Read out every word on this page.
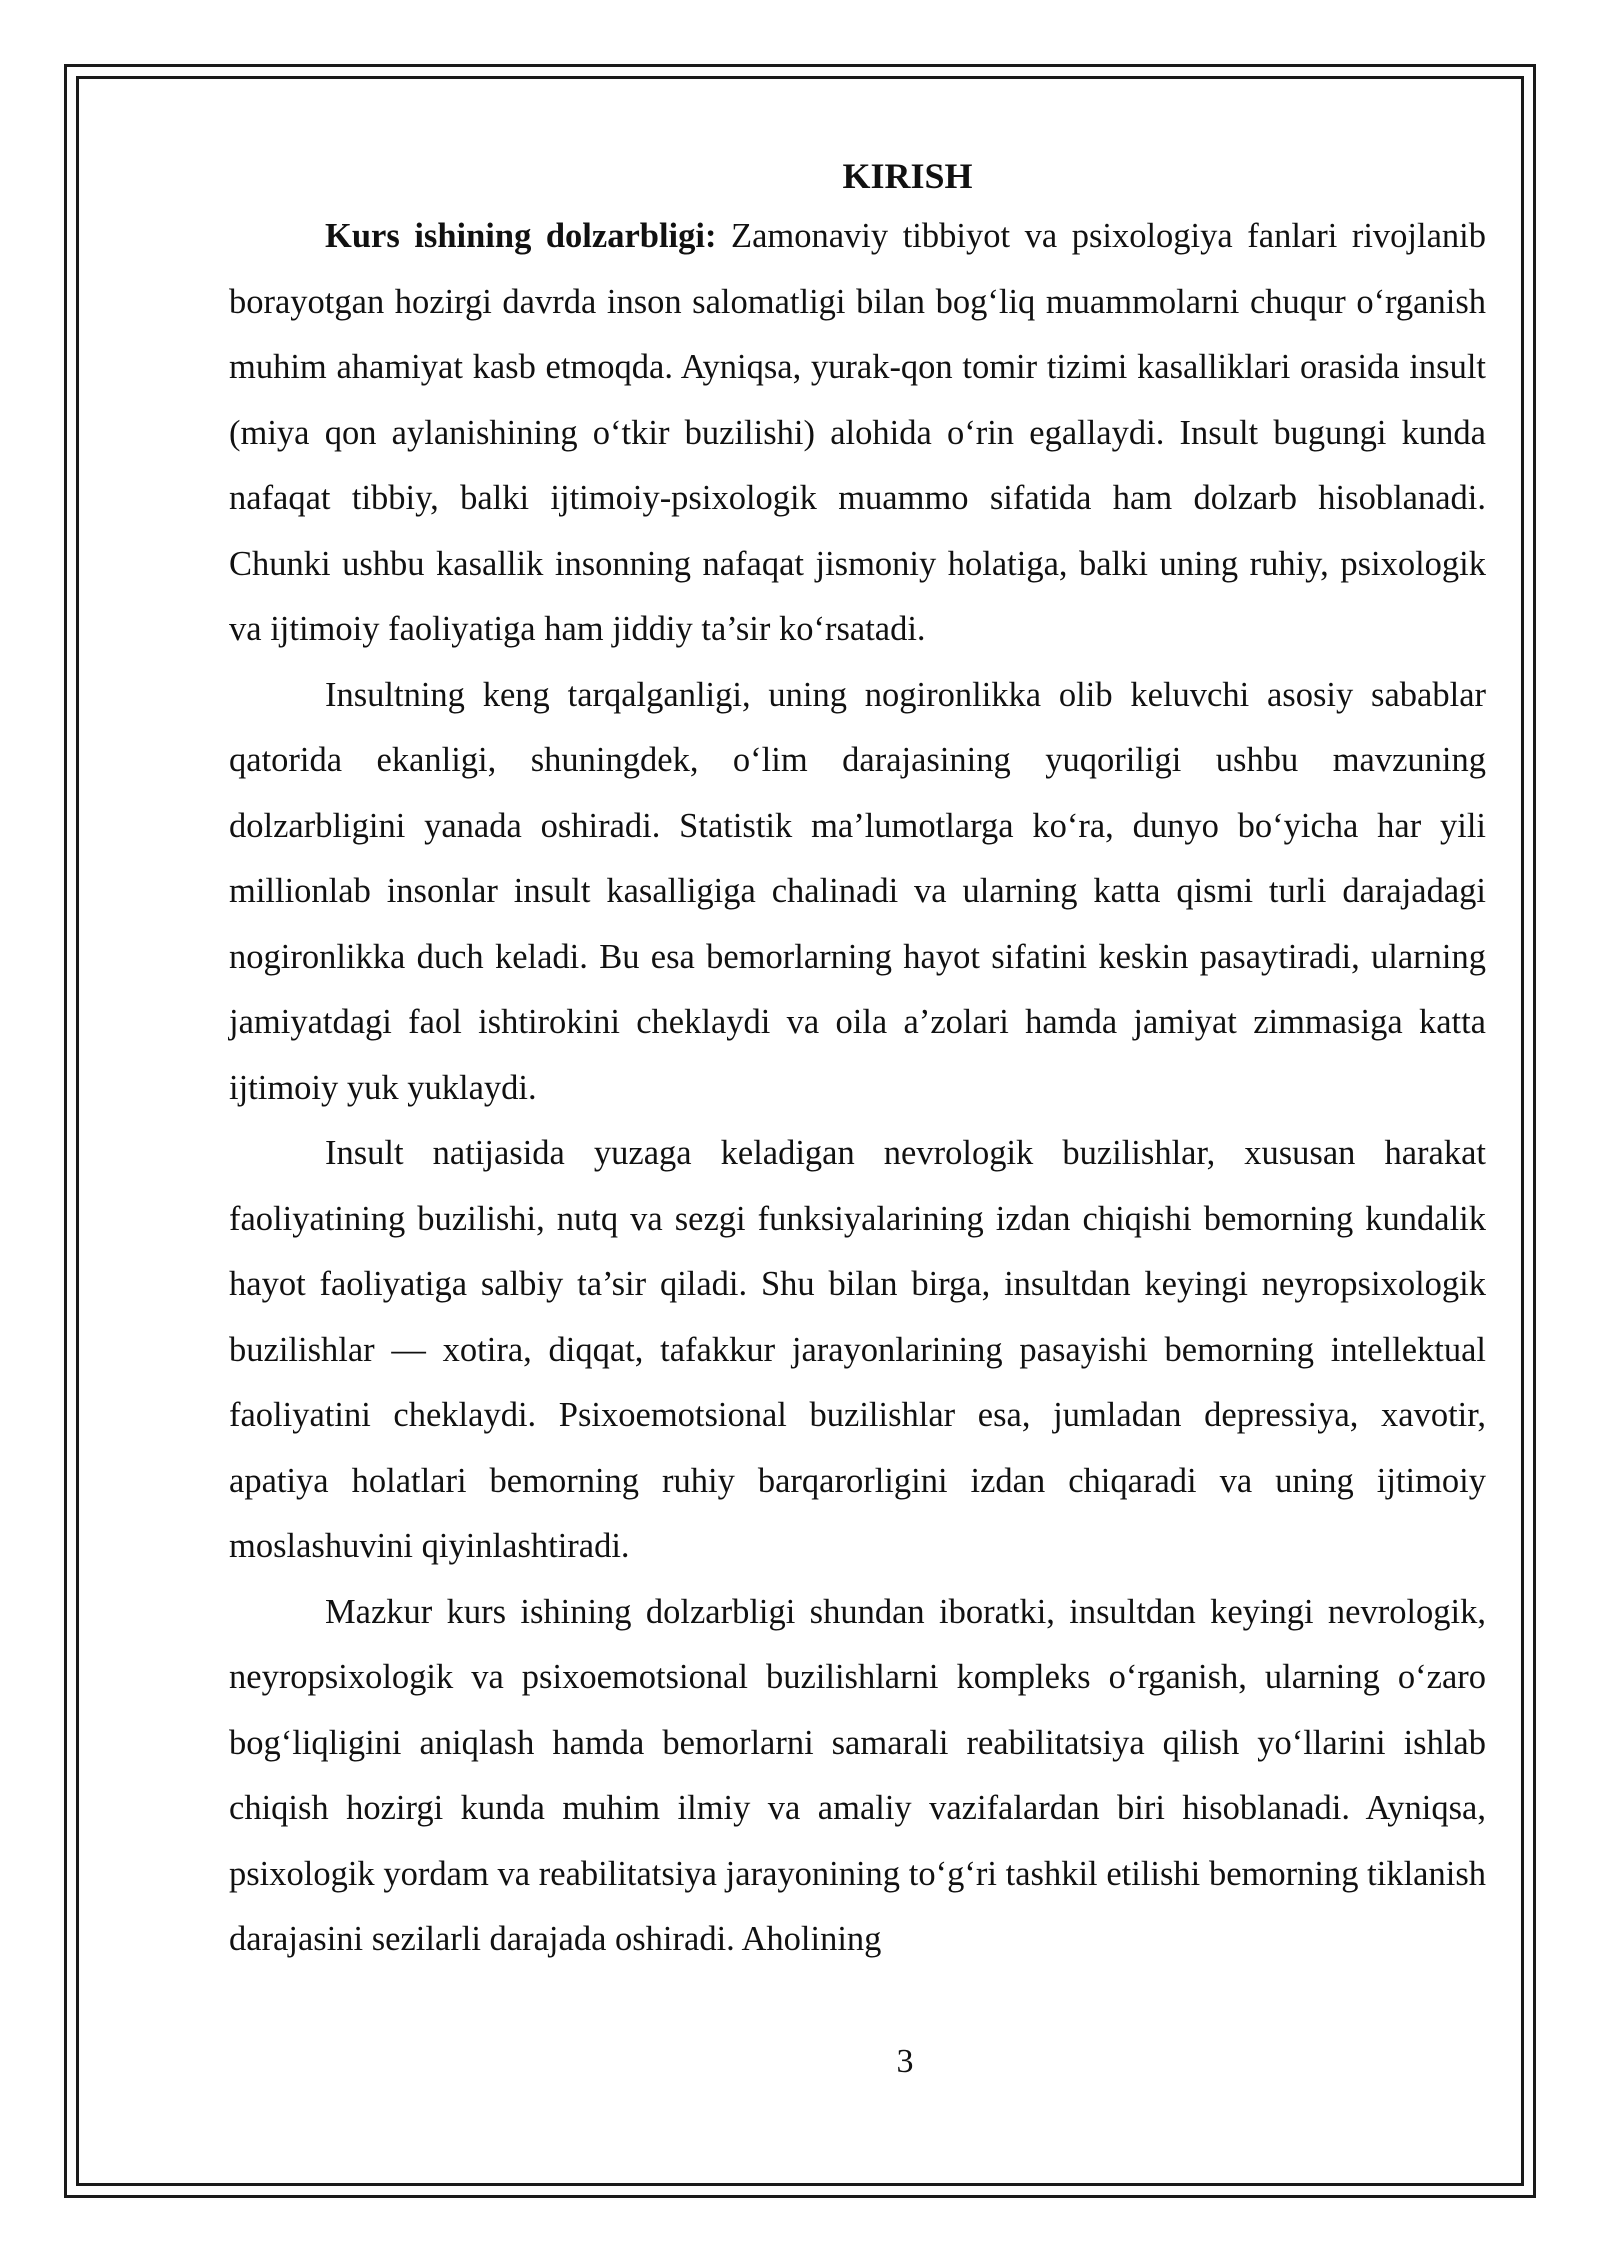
KIRISH

Kurs ishining dolzarbligi: Zamonaviy tibbiyot va psixologiya fanlari rivojlanib borayotgan hozirgi davrda inson salomatligi bilan bog‘liq muammolarni chuqur o‘rganish muhim ahamiyat kasb etmoqda. Ayniqsa, yurak-qon tomir tizimi kasalliklari orasida insult (miya qon aylanishining o‘tkir buzilishi) alohida o‘rin egallaydi. Insult bugungi kunda nafaqat tibbiy, balki ijtimoiy-psixologik muammo sifatida ham dolzarb hisoblanadi. Chunki ushbu kasallik insonning nafaqat jismoniy holatiga, balki uning ruhiy, psixologik va ijtimoiy faoliyatiga ham jiddiy ta’sir ko‘rsatadi.

Insultning keng tarqalganligi, uning nogironlikka olib keluvchi asosiy sabablar qatorida ekanligi, shuningdek, o‘lim darajasining yuqoriligi ushbu mavzuning dolzarbligini yanada oshiradi. Statistik ma’lumotlarga ko‘ra, dunyo bo‘yicha har yili millionlab insonlar insult kasalligiga chalinadi va ularning katta qismi turli darajadagi nogironlikka duch keladi. Bu esa bemorlarning hayot sifatini keskin pasaytiradi, ularning jamiyatdagi faol ishtirokini cheklaydi va oila a’zolari hamda jamiyat zimmasiga katta ijtimoiy yuk yuklaydi.

Insult natijasida yuzaga keladigan nevrologik buzilishlar, xususan harakat faoliyatining buzilishi, nutq va sezgi funksiyalarining izdan chiqishi bemorning kundalik hayot faoliyatiga salbiy ta’sir qiladi. Shu bilan birga, insultdan keyingi neyropsixologik buzilishlar — xotira, diqqat, tafakkur jarayonlarining pasayishi bemorning intellektual faoliyatini cheklaydi. Psixoemotsional buzilishlar esa, jumladan depressiya, xavotir, apatiya holatlari bemorning ruhiy barqarorligini izdan chiqaradi va uning ijtimoiy moslashuvini qiyinlashtiradi.

Mazkur kurs ishining dolzarbligi shundan iboratki, insultdan keyingi nevrologik, neyropsixologik va psixoemotsional buzilishlarni kompleks o‘rganish, ularning o‘zaro bog‘liqligini aniqlash hamda bemorlarni samarali reabilitatsiya qilish yo‘llarini ishlab chiqish hozirgi kunda muhim ilmiy va amaliy vazifalardan biri hisoblanadi. Ayniqsa, psixologik yordam va reabilitatsiya jarayonining to‘g‘ri tashkil etilishi bemorning tiklanish darajasini sezilarli darajada oshiradi. Aholining

3
